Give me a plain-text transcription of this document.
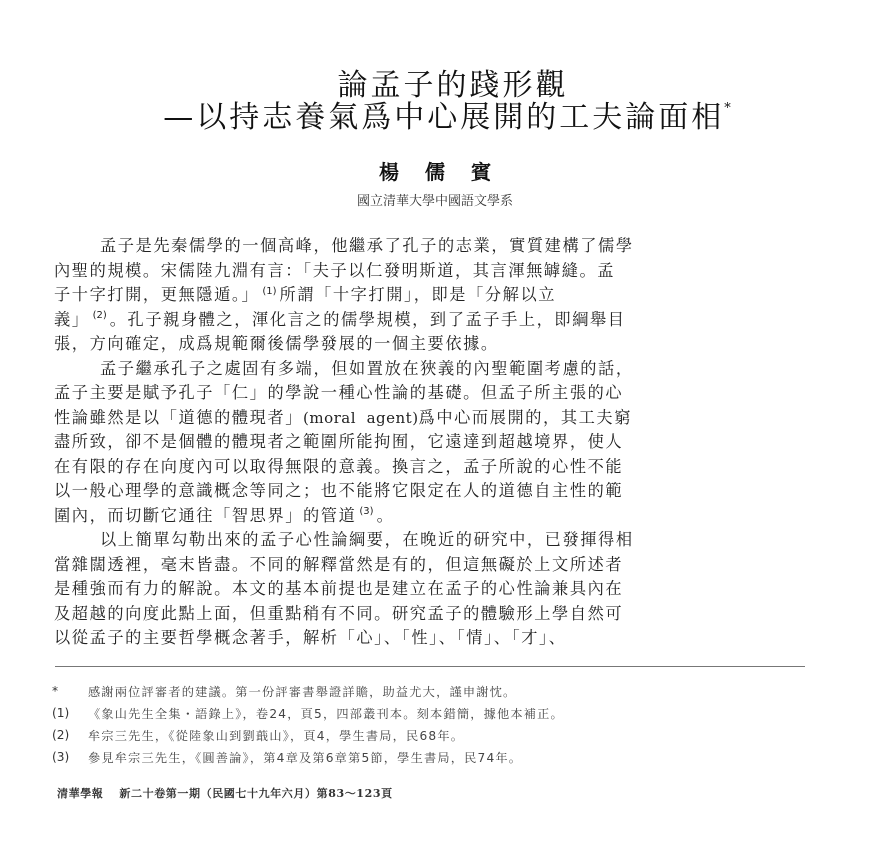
論孟子的踐形觀
—以持志養氣爲中心展開的工夫論面相*
楊儒賓
國立清華大學中國語文學系
孟子是先秦儒學的一個高峰，他繼承了孔子的志業，實質建構了儒學
內聖的規模。宋儒陸九淵有言：「夫子以仁發明斯道，其言渾無罅縫。孟
子十字打開，更無隱遁。」 $^{(1)}$ 所謂「十字打開」，即是「分解以立
義」 $^{(2)}$ 。孔子親身體之，渾化言之的儒學規模，到了孟子手上，即綱舉目
張，方向確定，成爲規範爾後儒學發展的一個主要依據。
孟子繼承孔子之處固有多端，但如置放在狹義的內聖範圍考慮的話，
孟子主要是賦予孔子「仁」的學說一種心性論的基礎。但孟子所主張的心
性論雖然是以「道德的體現者」(moral  agent)爲中心而展開的，其工夫窮
盡所致，卻不是個體的體現者之範圍所能拘囿，它遠達到超越境界，使人
在有限的存在向度內可以取得無限的意義。換言之，孟子所說的心性不能
以一般心理學的意識概念等同之；也不能將它限定在人的道德自主性的範
圍內，而切斷它通往「智思界」的管道 $^{(3)}$ 。
以上簡單勾勒出來的孟子心性論綱要，在晚近的研究中，已發揮得相
當雜闊透裡，毫末皆盡。不同的解釋當然是有的，但這無礙於上文所述者
是種強而有力的解說。本文的基本前提也是建立在孟子的心性論兼具內在
及超越的向度此點上面，但重點稍有不同。研究孟子的體驗形上學自然可
以從孟子的主要哲學概念著手，解析「心」、「性」、「情」、「才」、
*	感謝兩位評審者的建議。第一份評審書舉證詳贍，助益尤大，謹申謝忱。
(1)	《象山先生全集・語錄上》，卷24，頁5，四部叢刊本。刻本錯簡，據他本補正。
(2)	牟宗三先生，《從陸象山到劉蕺山》，頁4，學生書局，民68年。
(3)	參見牟宗三先生，《圓善論》，第4章及第6章第5節，學生書局，民74年。
清華學報 新二十卷第一期（民國七十九年六月）第83～123頁
